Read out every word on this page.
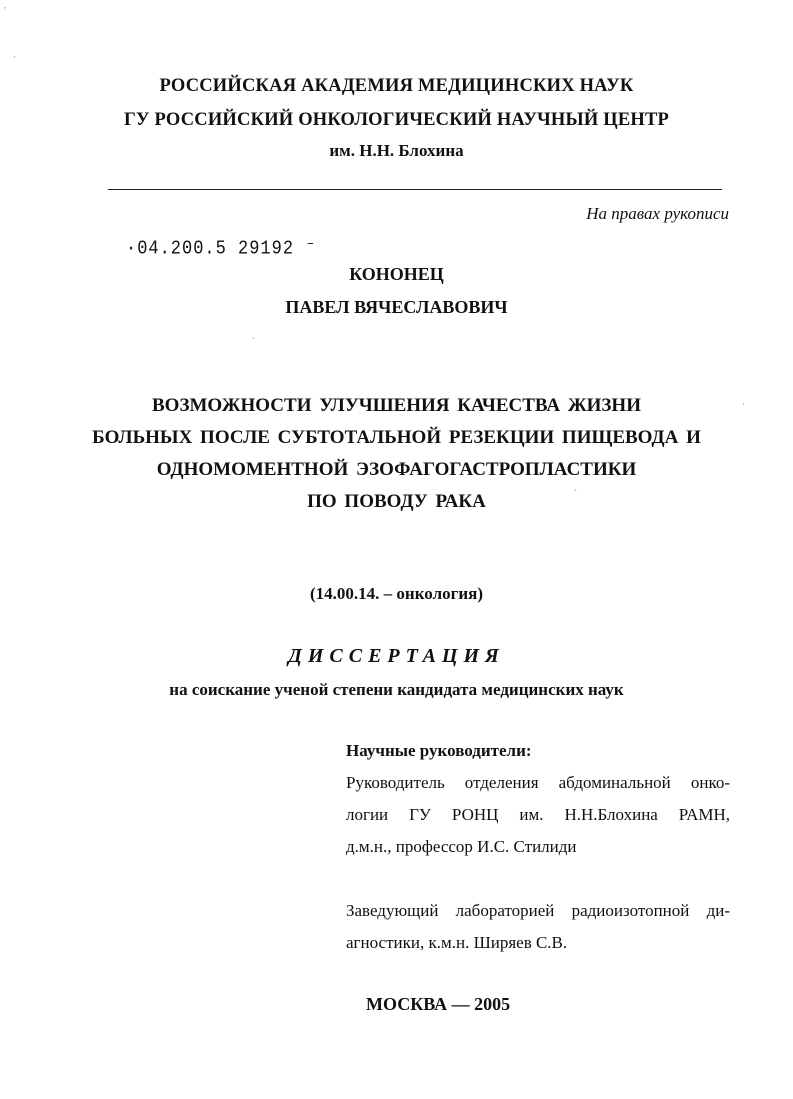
ʳ
·
РОССИЙСКАЯ АКАДЕМИЯ МЕДИЦИНСКИХ НАУК
ГУ РОССИЙСКИЙ ОНКОЛОГИЧЕСКИЙ НАУЧНЫЙ ЦЕНТР
им. Н.Н. Блохина
На правах рукописи
·04.200.5 29192 ⁻
КОНОНЕЦ
ПАВЕЛ ВЯЧЕСЛАВОВИЧ
ˋ
ВОЗМОЖНОСТИ УЛУЧШЕНИЯ КАЧЕСТВА ЖИЗНИ
БОЛЬНЫХ ПОСЛЕ СУБТОТАЛЬНОЙ РЕЗЕКЦИИ ПИЩЕВОДА И
ОДНОМОМЕНТНОЙ ЭЗОФАГОГАСТРОПЛАСТИКИ
ПО ПОВОДУ РАКА
·
ˋ
(14.00.14. – онкология)
ДИССЕРТАЦИЯ
на соискание ученой степени кандидата медицинских наук
Научные руководители:
Руководитель отделения абдоминальной онко-
логии ГУ РОНЦ им. Н.Н.Блохина РАМН,
д.м.н., профессор И.С. Стилиди
Заведующий лабораторией радиоизотопной ди-
агностики, к.м.н. Ширяев С.В.
МОСКВА — 2005
